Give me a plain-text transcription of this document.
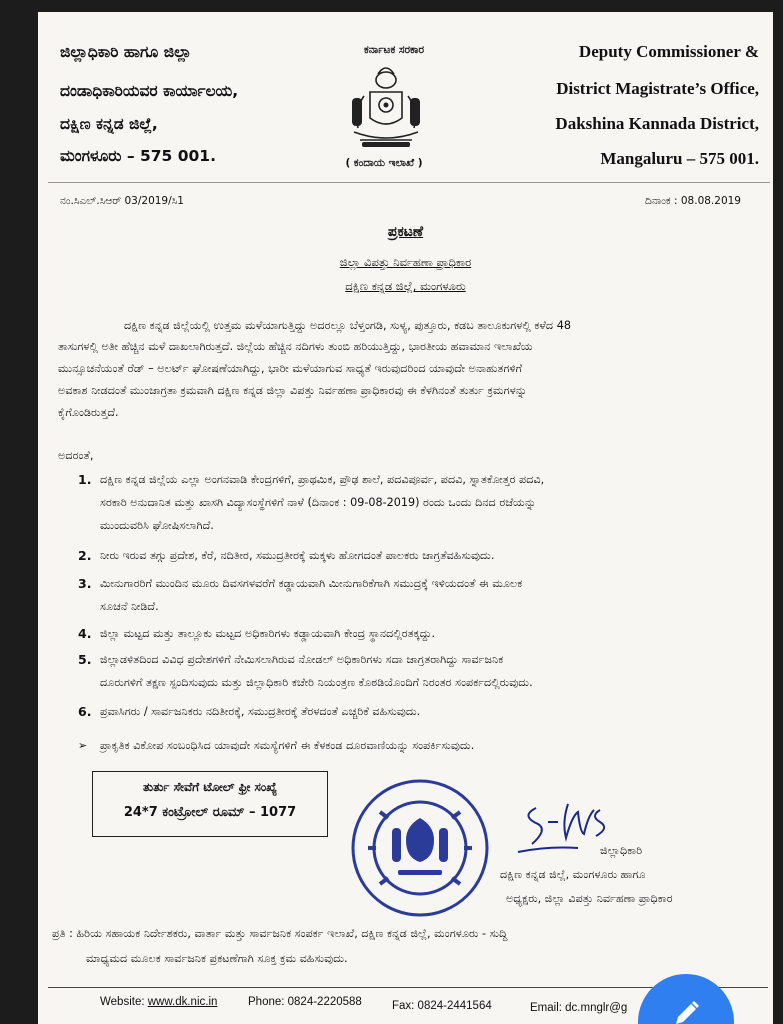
ಜಿಲ್ಲಾಧಿಕಾರಿ ಹಾಗೂ ಜಿಲ್ಲಾ
ದಂಡಾಧಿಕಾರಿಯವರ ಕಾರ್ಯಾಲಯ,
ದಕ್ಷಿಣ ಕನ್ನಡ ಜಿಲ್ಲೆ,
ಮಂಗಳೂರು – 575 001.
ಕರ್ನಾಟಕ ಸರಕಾರ
( ಕಂದಾಯ ಇಲಾಖೆ )
Deputy Commissioner &
District Magistrate’s Office,
Dakshina Kannada District,
Mangaluru – 575 001.
ನಂ.ಸಿಎಲ್.ಸಿಆರ್ 03/2019/ಸಿ1	ದಿನಾಂಕ : 08.08.2019
ಪ್ರಕಟಣೆ
ಜಿಲ್ಲಾ ವಿಪತ್ತು ನಿರ್ವಹಣಾ ಪ್ರಾಧಿಕಾರ
ದಕ್ಷಿಣ ಕನ್ನಡ ಜಿಲ್ಲೆ, ಮಂಗಳೂರು
ದಕ್ಷಿಣ ಕನ್ನಡ ಜಿಲ್ಲೆಯಲ್ಲಿ ಉತ್ತಮ ಮಳೆಯಾಗುತ್ತಿದ್ದು ಅದರಲ್ಲೂ ಬೆಳ್ತಂಗಡಿ, ಸುಳ್ಯ, ಪುತ್ತೂರು, ಕಡಬ ತಾಲೂಕುಗಳಲ್ಲಿ ಕಳೆದ 48
ತಾಸುಗಳಲ್ಲಿ ಅತೀ ಹೆಚ್ಚಿನ ಮಳೆ ದಾಖಲಾಗಿರುತ್ತದೆ. ಜಿಲ್ಲೆಯ ಹೆಚ್ಚಿನ ನದಿಗಳು ತುಂಬಿ ಹರಿಯುತ್ತಿದ್ದು, ಭಾರತೀಯ ಹವಾಮಾನ ಇಲಾಖೆಯ
ಮುನ್ಸೂಚನೆಯಂತೆ ರೆಡ್ – ಅಲರ್ಟ್ ಘೋಷಣೆಯಾಗಿದ್ದು, ಭಾರೀ ಮಳೆಯಾಗುವ ಸಾಧ್ಯತೆ ಇರುವುದರಿಂದ ಯಾವುದೇ ಅನಾಹುತಗಳಿಗೆ
ಅವಕಾಶ ನೀಡದಂತೆ ಮುಂಜಾಗ್ರತಾ ಕ್ರಮವಾಗಿ ದಕ್ಷಿಣ ಕನ್ನಡ ಜಿಲ್ಲಾ ವಿಪತ್ತು ನಿರ್ವಹಣಾ ಪ್ರಾಧಿಕಾರವು ಈ ಕೆಳಗಿನಂತೆ ತುರ್ತು ಕ್ರಮಗಳನ್ನು
ಕೈಗೊಂಡಿರುತ್ತದೆ.
ಅದರಂತೆ,
1. ದಕ್ಷಿಣ ಕನ್ನಡ ಜಿಲ್ಲೆಯ ಎಲ್ಲಾ ಅಂಗನವಾಡಿ ಕೇಂದ್ರಗಳಿಗೆ, ಪ್ರಾಥಮಿಕ, ಪ್ರೌಢ ಶಾಲೆ, ಪದವಿಪೂರ್ವ, ಪದವಿ, ಸ್ನಾತಕೋತ್ತರ ಪದವಿ,
ಸರಕಾರಿ ಅನುದಾನಿತ ಮತ್ತು ಖಾಸಗಿ ವಿದ್ಯಾಸಂಸ್ಥೆಗಳಿಗೆ ನಾಳೆ (ದಿನಾಂಕ : 09-08-2019) ರಂದು ಒಂದು ದಿನದ ರಜೆಯನ್ನು
ಮುಂದುವರಿಸಿ ಘೋಷಿಸಲಾಗಿದೆ.
2. ನೀರು ಇರುವ ತಗ್ಗು ಪ್ರದೇಶ, ಕೆರೆ, ನದಿತೀರ, ಸಮುದ್ರತೀರಕ್ಕೆ ಮಕ್ಕಳು ಹೋಗದಂತೆ ಪಾಲಕರು ಜಾಗ್ರತೆವಹಿಸುವುದು.
3. ಮೀನುಗಾರರಿಗೆ ಮುಂದಿನ ಮೂರು ದಿವಸಗಳವರೆಗೆ ಕಡ್ಡಾಯವಾಗಿ ಮೀನುಗಾರಿಕೆಗಾಗಿ ಸಮುದ್ರಕ್ಕೆ ಇಳಿಯದಂತೆ ಈ ಮೂಲಕ
ಸೂಚನೆ ನೀಡಿದೆ.
4. ಜಿಲ್ಲಾ ಮಟ್ಟದ ಮತ್ತು ತಾಲ್ಲೂಕು ಮಟ್ಟದ ಅಧಿಕಾರಿಗಳು ಕಡ್ಡಾಯವಾಗಿ ಕೇಂದ್ರ ಸ್ಥಾನದಲ್ಲಿರತಕ್ಕದ್ದು.
5. ಜಿಲ್ಲಾಡಳಿತದಿಂದ ವಿವಿಧ ಪ್ರದೇಶಗಳಿಗೆ ನೇಮಿಸಲಾಗಿರುವ ನೋಡಲ್ ಅಧಿಕಾರಿಗಳು ಸದಾ ಜಾಗ್ರತರಾಗಿದ್ದು ಸಾರ್ವಜನಿಕ
ದೂರುಗಳಿಗೆ ತಕ್ಷಣ ಸ್ಪಂದಿಸುವುದು ಮತ್ತು ಜಿಲ್ಲಾಧಿಕಾರಿ ಕಚೇರಿ ನಿಯಂತ್ರಣ ಕೊಠಡಿಯೊಂದಿಗೆ ನಿರಂತರ ಸಂಪರ್ಕದಲ್ಲಿರುವುದು.
6. ಪ್ರವಾಸಿಗರು / ಸಾರ್ವಜನಿಕರು ನದಿತೀರಕ್ಕೆ, ಸಮುದ್ರತೀರಕ್ಕೆ ತೆರಳದಂತೆ ಎಚ್ಚರಿಕೆ ವಹಿಸುವುದು.
➢ ಪ್ರಾಕೃತಿಕ ವಿಕೋಪ ಸಂಬಂಧಿಸಿದ ಯಾವುದೇ ಸಮಸ್ಯೆಗಳಿಗೆ ಈ ಕೆಳಕಂಡ ದೂರವಾಣಿಯನ್ನು ಸಂಪರ್ಕಿಸುವುದು.
ತುರ್ತು ಸೇವೆಗೆ ಟೋಲ್ ಫ್ರೀ ಸಂಖ್ಯೆ
24*7 ಕಂಟ್ರೋಲ್ ರೂಮ್ – 1077
ಜಿಲ್ಲಾಧಿಕಾರಿ
ದಕ್ಷಿಣ ಕನ್ನಡ ಜಿಲ್ಲೆ, ಮಂಗಳೂರು ಹಾಗೂ
ಅಧ್ಯಕ್ಷರು, ಜಿಲ್ಲಾ ವಿಪತ್ತು ನಿರ್ವಹಣಾ ಪ್ರಾಧಿಕಾರ
ಪ್ರತಿ : ಹಿರಿಯ ಸಹಾಯಕ ನಿರ್ದೇಶಕರು, ವಾರ್ತಾ ಮತ್ತು ಸಾರ್ವಜನಿಕ ಸಂಪರ್ಕ ಇಲಾಖೆ, ದಕ್ಷಿಣ ಕನ್ನಡ ಜಿಲ್ಲೆ, ಮಂಗಳೂರು - ಸುದ್ದಿ
ಮಾಧ್ಯಮದ ಮೂಲಕ ಸಾರ್ವಜನಿಕ ಪ್ರಕಟಣೆಗಾಗಿ ಸೂಕ್ತ ಕ್ರಮ ವಹಿಸುವುದು.
Website: www.dk.nic.in	Phone: 0824-2220588	Fax: 0824-2441564	Email: dc.mnglr@g
